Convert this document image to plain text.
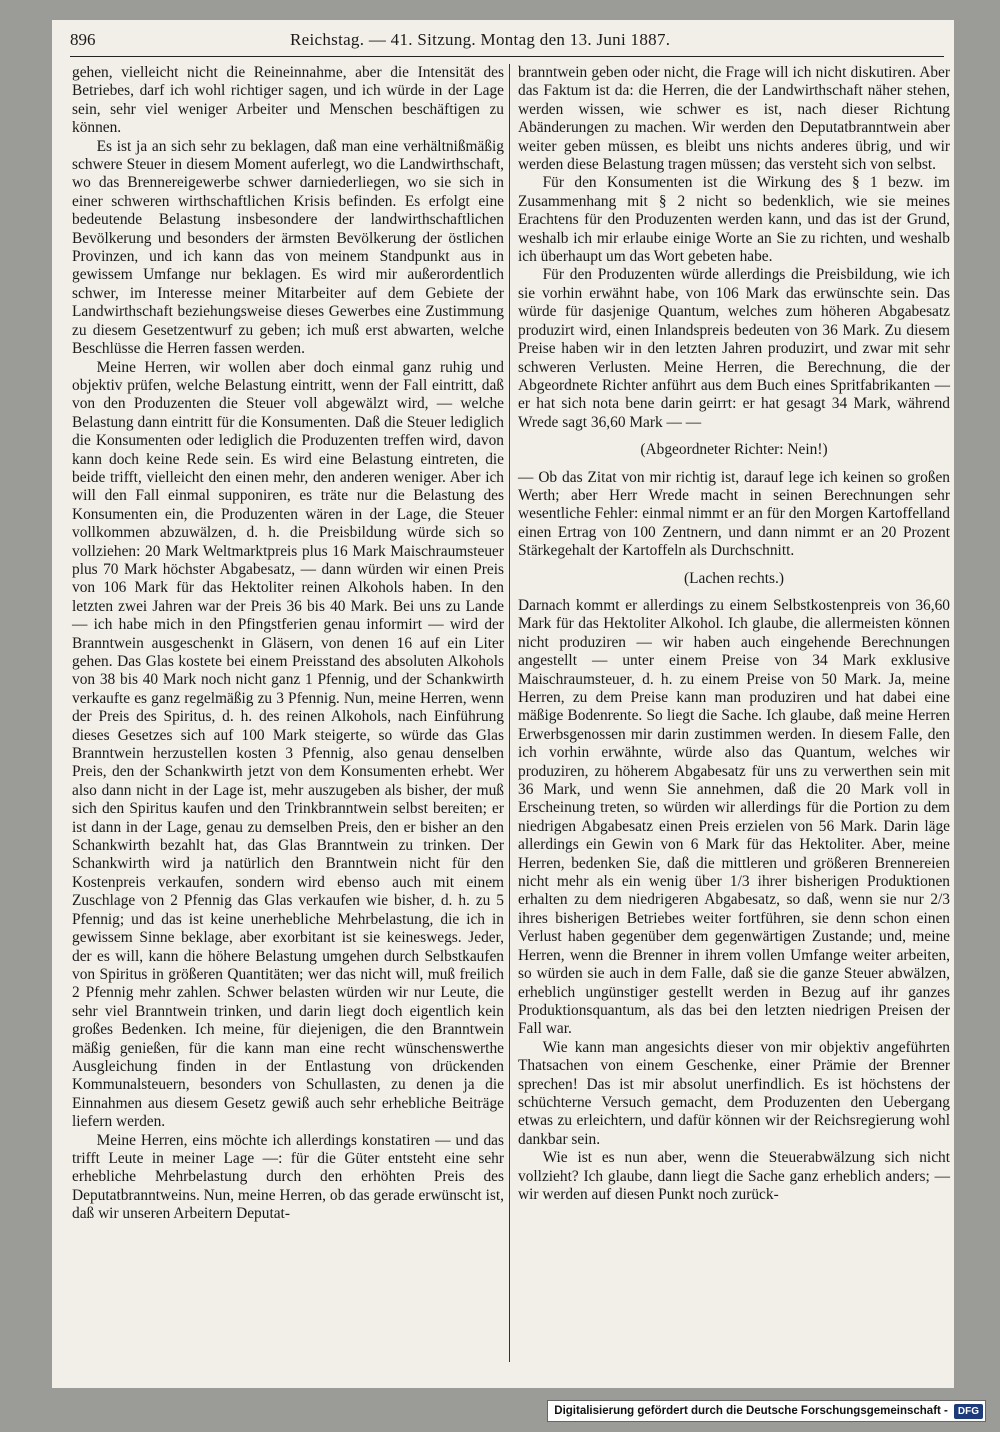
896	Reichstag. — 41. Sitzung. Montag den 13. Juni 1887.

gehen, vielleicht nicht die Reineinnahme, aber die Intensität des Betriebes, darf ich wohl richtiger sagen, und ich würde in der Lage sein, sehr viel weniger Arbeiter und Menschen beschäftigen zu können.

Es ist ja an sich sehr zu beklagen, daß man eine verhältnißmäßig schwere Steuer in diesem Moment auferlegt, wo die Landwirthschaft, wo das Brennereigewerbe schwer darniederliegen, wo sie sich in einer schweren wirthschaftlichen Krisis befinden. Es erfolgt eine bedeutende Belastung insbesondere der landwirthschaftlichen Bevölkerung und besonders der ärmsten Bevölkerung der östlichen Provinzen, und ich kann das von meinem Standpunkt aus in gewissem Umfange nur beklagen. Es wird mir außerordentlich schwer, im Interesse meiner Mitarbeiter auf dem Gebiete der Landwirthschaft beziehungsweise dieses Gewerbes eine Zustimmung zu diesem Gesetzentwurf zu geben; ich muß erst abwarten, welche Beschlüsse die Herren fassen werden.

Meine Herren, wir wollen aber doch einmal ganz ruhig und objektiv prüfen, welche Belastung eintritt, wenn der Fall eintritt, daß von den Produzenten die Steuer voll abgewälzt wird, — welche Belastung dann eintritt für die Konsumenten. Daß die Steuer lediglich die Konsumenten oder lediglich die Produzenten treffen wird, davon kann doch keine Rede sein. Es wird eine Belastung eintreten, die beide trifft, vielleicht den einen mehr, den anderen weniger. Aber ich will den Fall einmal supponiren, es träte nur die Belastung des Konsumenten ein, die Produzenten wären in der Lage, die Steuer vollkommen abzuwälzen, d. h. die Preisbildung würde sich so vollziehen: 20 Mark Weltmarktpreis plus 16 Mark Maischraumsteuer plus 70 Mark höchster Abgabesatz, — dann würden wir einen Preis von 106 Mark für das Hektoliter reinen Alkohols haben. In den letzten zwei Jahren war der Preis 36 bis 40 Mark. Bei uns zu Lande — ich habe mich in den Pfingstferien genau informirt — wird der Branntwein ausgeschenkt in Gläsern, von denen 16 auf ein Liter gehen. Das Glas kostete bei einem Preisstand des absoluten Alkohols von 38 bis 40 Mark noch nicht ganz 1 Pfennig, und der Schankwirth verkaufte es ganz regelmäßig zu 3 Pfennig. Nun, meine Herren, wenn der Preis des Spiritus, d. h. des reinen Alkohols, nach Einführung dieses Gesetzes sich auf 100 Mark steigerte, so würde das Glas Branntwein herzustellen kosten 3 Pfennig, also genau denselben Preis, den der Schankwirth jetzt von dem Konsumenten erhebt. Wer also dann nicht in der Lage ist, mehr auszugeben als bisher, der muß sich den Spiritus kaufen und den Trinkbranntwein selbst bereiten; er ist dann in der Lage, genau zu demselben Preis, den er bisher an den Schankwirth bezahlt hat, das Glas Branntwein zu trinken. Der Schankwirth wird ja natürlich den Branntwein nicht für den Kostenpreis verkaufen, sondern wird ebenso auch mit einem Zuschlage von 2 Pfennig das Glas verkaufen wie bisher, d. h. zu 5 Pfennig; und das ist keine unerhebliche Mehrbelastung, die ich in gewissem Sinne beklage, aber exorbitant ist sie keineswegs. Jeder, der es will, kann die höhere Belastung umgehen durch Selbstkaufen von Spiritus in größeren Quantitäten; wer das nicht will, muß freilich 2 Pfennig mehr zahlen. Schwer belasten würden wir nur Leute, die sehr viel Branntwein trinken, und darin liegt doch eigentlich kein großes Bedenken. Ich meine, für diejenigen, die den Branntwein mäßig genießen, für die kann man eine recht wünschenswerthe Ausgleichung finden in der Entlastung von drückenden Kommunalsteuern, besonders von Schullasten, zu denen ja die Einnahmen aus diesem Gesetz gewiß auch sehr erhebliche Beiträge liefern werden.

Meine Herren, eins möchte ich allerdings konstatiren — und das trifft Leute in meiner Lage —: für die Güter entsteht eine sehr erhebliche Mehrbelastung durch den erhöhten Preis des Deputatbranntweins. Nun, meine Herren, ob das gerade erwünscht ist, daß wir unseren Arbeitern Deputat-

branntwein geben oder nicht, die Frage will ich nicht diskutiren. Aber das Faktum ist da: die Herren, die der Landwirthschaft näher stehen, werden wissen, wie schwer es ist, nach dieser Richtung Abänderungen zu machen. Wir werden den Deputatbranntwein aber weiter geben müssen, es bleibt uns nichts anderes übrig, und wir werden diese Belastung tragen müssen; das versteht sich von selbst.

Für den Konsumenten ist die Wirkung des § 1 bezw. im Zusammenhang mit § 2 nicht so bedenklich, wie sie meines Erachtens für den Produzenten werden kann, und das ist der Grund, weshalb ich mir erlaube einige Worte an Sie zu richten, und weshalb ich überhaupt um das Wort gebeten habe.

Für den Produzenten würde allerdings die Preisbildung, wie ich sie vorhin erwähnt habe, von 106 Mark das erwünschte sein. Das würde für dasjenige Quantum, welches zum höheren Abgabesatz produzirt wird, einen Inlandspreis bedeuten von 36 Mark. Zu diesem Preise haben wir in den letzten Jahren produzirt, und zwar mit sehr schweren Verlusten. Meine Herren, die Berechnung, die der Abgeordnete Richter anführt aus dem Buch eines Spritfabrikanten — er hat sich nota bene darin geirrt: er hat gesagt 34 Mark, während Wrede sagt 36,60 Mark — —

(Abgeordneter Richter: Nein!)

— Ob das Zitat von mir richtig ist, darauf lege ich keinen so großen Werth; aber Herr Wrede macht in seinen Berechnungen sehr wesentliche Fehler: einmal nimmt er an für den Morgen Kartoffelland einen Ertrag von 100 Zentnern, und dann nimmt er an 20 Prozent Stärkegehalt der Kartoffeln als Durchschnitt.

(Lachen rechts.)

Darnach kommt er allerdings zu einem Selbstkostenpreis von 36,60 Mark für das Hektoliter Alkohol. Ich glaube, die allermeisten können nicht produziren — wir haben auch eingehende Berechnungen angestellt — unter einem Preise von 34 Mark exklusive Maischraumsteuer, d. h. zu einem Preise von 50 Mark. Ja, meine Herren, zu dem Preise kann man produziren und hat dabei eine mäßige Bodenrente. So liegt die Sache. Ich glaube, daß meine Herren Erwerbsgenossen mir darin zustimmen werden. In diesem Falle, den ich vorhin erwähnte, würde also das Quantum, welches wir produziren, zu höherem Abgabesatz für uns zu verwerthen sein mit 36 Mark, und wenn Sie annehmen, daß die 20 Mark voll in Erscheinung treten, so würden wir allerdings für die Portion zu dem niedrigen Abgabesatz einen Preis erzielen von 56 Mark. Darin läge allerdings ein Gewin von 6 Mark für das Hektoliter. Aber, meine Herren, bedenken Sie, daß die mittleren und größeren Brennereien nicht mehr als ein wenig über 1/3 ihrer bisherigen Produktionen erhalten zu dem niedrigeren Abgabesatz, so daß, wenn sie nur 2/3 ihres bisherigen Betriebes weiter fortführen, sie denn schon einen Verlust haben gegenüber dem gegenwärtigen Zustande; und, meine Herren, wenn die Brenner in ihrem vollen Umfange weiter arbeiten, so würden sie auch in dem Falle, daß sie die ganze Steuer abwälzen, erheblich ungünstiger gestellt werden in Bezug auf ihr ganzes Produktionsquantum, als das bei den letzten niedrigen Preisen der Fall war.

Wie kann man angesichts dieser von mir objektiv angeführten Thatsachen von einem Geschenke, einer Prämie der Brenner sprechen! Das ist mir absolut unerfindlich. Es ist höchstens der schüchterne Versuch gemacht, dem Produzenten den Uebergang etwas zu erleichtern, und dafür können wir der Reichsregierung wohl dankbar sein.

Wie ist es nun aber, wenn die Steuerabwälzung sich nicht vollzieht? Ich glaube, dann liegt die Sache ganz erheblich anders; — wir werden auf diesen Punkt noch zurück-

Digitalisierung gefördert durch die Deutsche Forschungsgemeinschaft -	DFG
